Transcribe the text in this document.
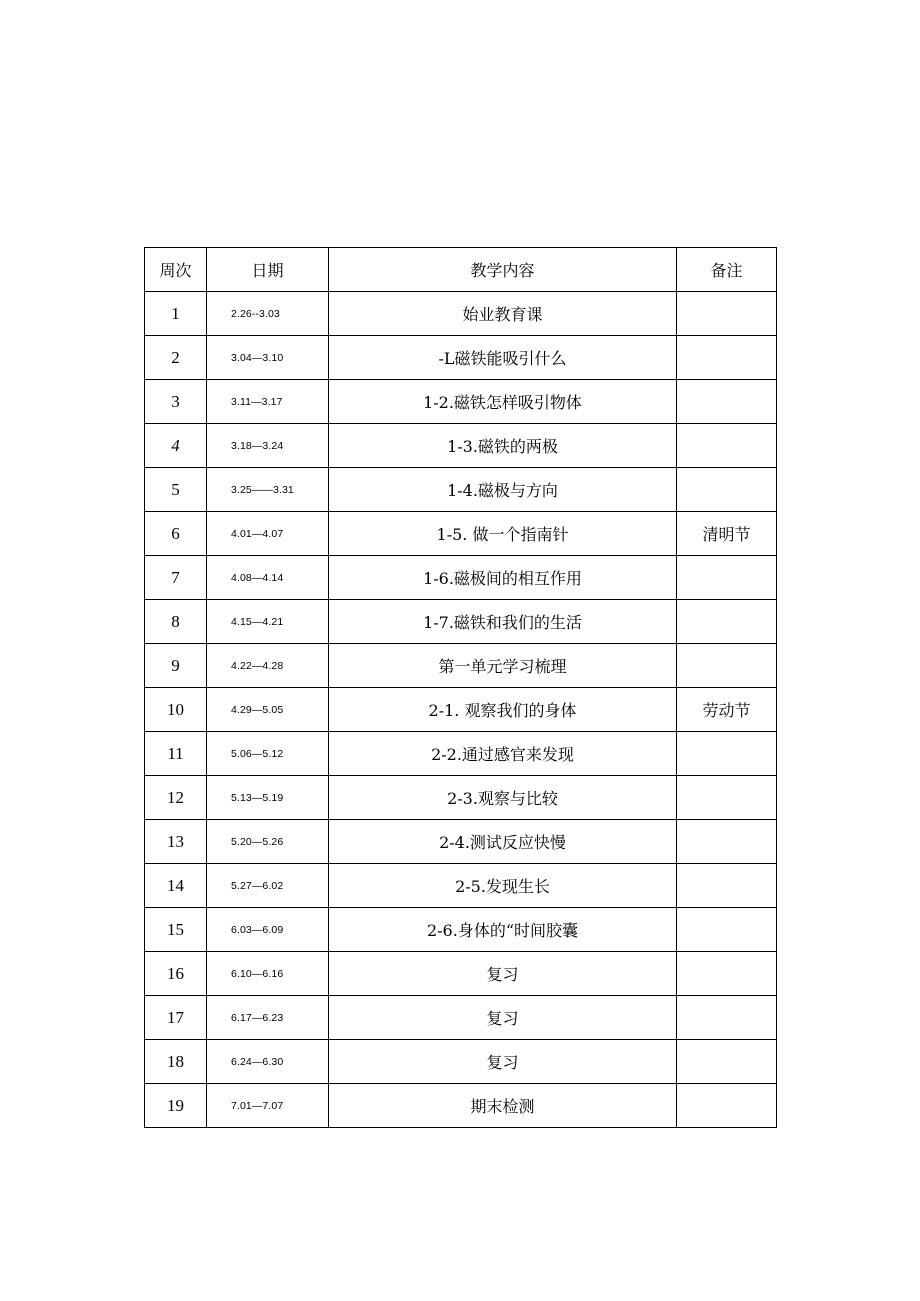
周次	日期	教学内容	备注
1	2.26--3.03	始业教育课	
2	3.04—3.10	-L磁铁能吸引什么	
3	3.11—3.17	1-2.磁铁怎样吸引物体	
4	3.18—3.24	1-3.磁铁的两极	
5	3.25——3.31	1-4.磁极与方向	
6	4.01—4.07	1-5. 做一个指南针	清明节
7	4.08—4.14	1-6.磁极间的相互作用	
8	4.15—4.21	1-7.磁铁和我们的生活	
9	4.22—4.28	第一单元学习梳理	
10	4.29—5.05	2-1. 观察我们的身体	劳动节
11	5.06—5.12	2-2.通过感官来发现	
12	5.13—5.19	2-3.观察与比较	
13	5.20—5.26	2-4.测试反应快慢	
14	5.27—6.02	2-5.发现生长	
15	6.03—6.09	2-6.身体的“时间胶囊	
16	6.10—6.16	复习	
17	6.17—6.23	复习	
18	6.24—6.30	复习	
19	7.01—7.07	期末检测	
